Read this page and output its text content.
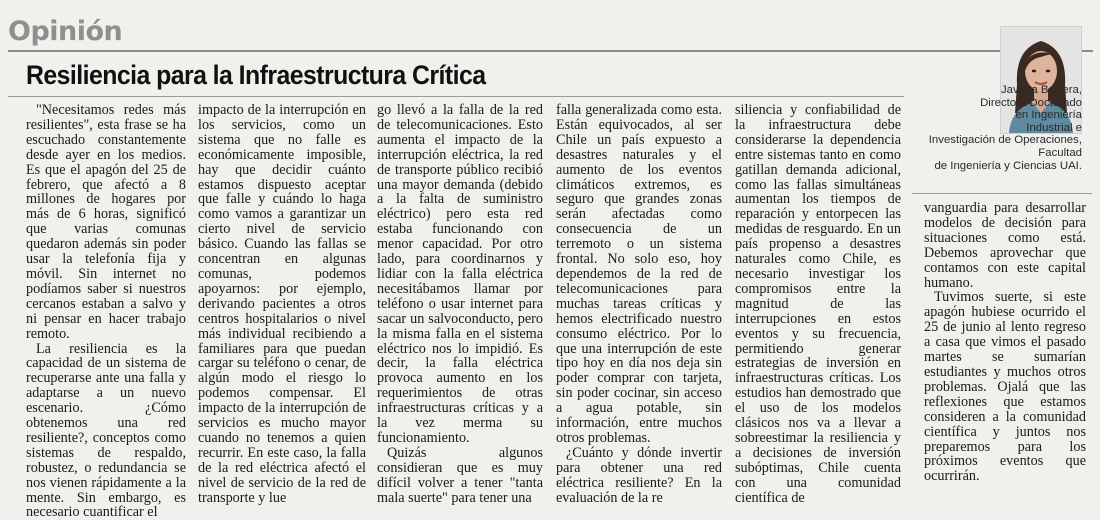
Opinión
Resiliencia para la Infraestructura Crítica

"Necesitamos redes más resilientes", esta frase se ha escuchado constantemente desde ayer en los medios. Es que el apagón del 25 de febrero, que afectó a 8 millones de hogares por más de 6 horas, significó que varias comunas quedaron además sin poder usar la telefonía fija y móvil. Sin internet no podíamos saber si nuestros cercanos estaban a salvo y ni pensar en hacer trabajo remoto.

La resiliencia es la capacidad de un sistema de recuperarse ante una falla y adaptarse a un nuevo escenario. ¿Cómo obtenemos una red resiliente?, conceptos como sistemas de respaldo, robustez, o redundancia se nos vienen rápidamente a la mente. Sin embargo, es necesario cuantificar el

impacto de la interrupción en los servicios, como un sistema que no falle es económicamente imposible, hay que decidir cuánto estamos dispuesto aceptar que falle y cuándo lo haga como vamos a garantizar un cierto nivel de servicio básico. Cuando las fallas se concentran en algunas comunas, podemos apoyarnos: por ejemplo, derivando pacientes a otros centros hospitalarios o nivel más individual recibiendo a familiares para que puedan cargar su teléfono o cenar, de algún modo el riesgo lo podemos compensar. El impacto de la interrupción de servicios es mucho mayor cuando no tenemos a quien recurrir. En este caso, la falla de la red eléctrica afectó el nivel de servicio de la red de transporte y lue

go llevó a la falla de la red de telecomunicaciones. Esto aumenta el impacto de la interrupción eléctrica, la red de transporte público recibió una mayor demanda (debido a la falta de suministro eléctrico) pero esta red estaba funcionando con menor capacidad. Por otro lado, para coordinarnos y lidiar con la falla eléctrica necesitábamos llamar por teléfono o usar internet para sacar un salvoconducto, pero la misma falla en el sistema eléctrico nos lo impidió. Es decir, la falla eléctrica provoca aumento en los requerimientos de otras infraestructuras críticas y a la vez merma su funcionamiento.

Quizás algunos considieran que es muy difícil volver a tener "tanta mala suerte" para tener una

falla generalizada como esta. Están equivocados, al ser Chile un país expuesto a desastres naturales y el aumento de los eventos climáticos extremos, es seguro que grandes zonas serán afectadas como consecuencia de un terremoto o un sistema frontal. No solo eso, hoy dependemos de la red de telecomunicaciones para muchas tareas críticas y hemos electrificado nuestro consumo eléctrico. Por lo que una interrupción de este tipo hoy en día nos deja sin poder comprar con tarjeta, sin poder cocinar, sin acceso a agua potable, sin información, entre muchos otros problemas.

¿Cuánto y dónde invertir para obtener una red eléctrica resiliente? En la evaluación de la re

siliencia y confiabilidad de la infraestructura debe considerarse la dependencia entre sistemas tanto en como gatillan demanda adicional, como las fallas simultáneas aumentan los tiempos de reparación y entorpecen las medidas de resguardo. En un país propenso a desastres naturales como Chile, es necesario investigar los compromisos entre la magnitud de las interrupciones en estos eventos y su frecuencia, permitiendo generar estrategias de inversión en infraestructuras críticas. Los estudios han demostrado que el uso de los modelos clásicos nos va a llevar a sobreestimar la resiliencia y a decisiones de inversión subóptimas, Chile cuenta con una comunidad científica de

vanguardia para desarrollar modelos de decisión para situaciones como está. Debemos aprovechar que contamos con este capital humano.

Tuvimos suerte, si este apagón hubiese ocurrido el 25 de junio al lento regreso a casa que vimos el pasado martes se sumarían estudiantes y muchos otros problemas. Ojalá que las reflexiones que estamos consideren a la comunidad científica y juntos nos preparemos para los próximos eventos que ocurrirán.

Javiera Barrera,
Directora Doctorado
en Ingeniería
Industrial e
Investigación de Operaciones, Facultad
de Ingeniería y Ciencias UAI.
